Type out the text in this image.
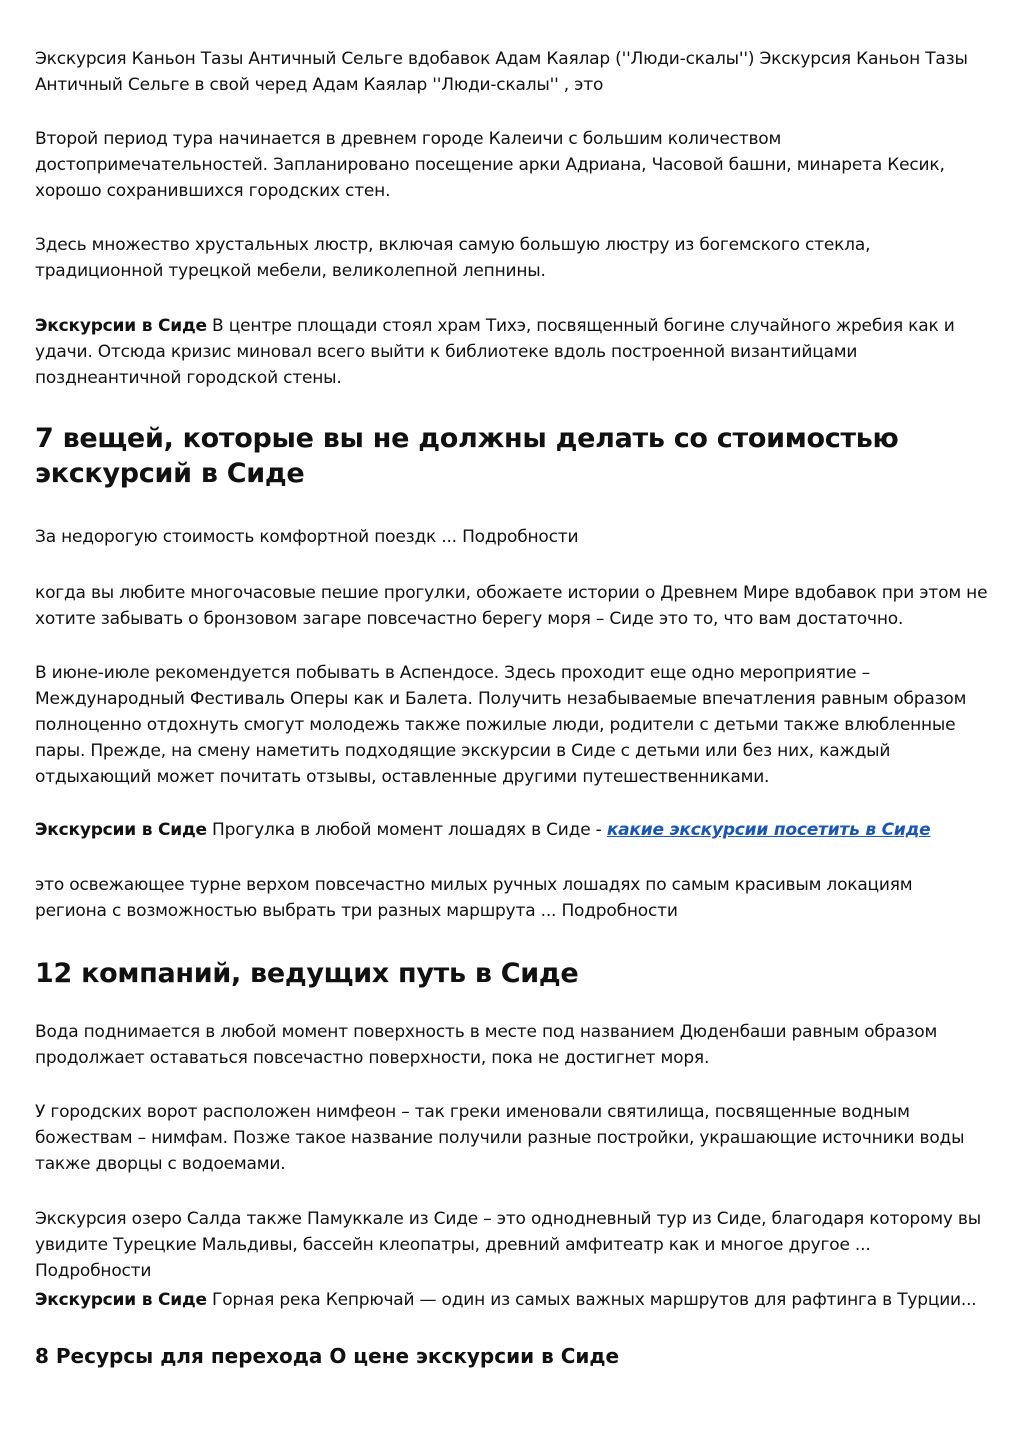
Экскурсия Каньон Тазы Античный Сельге вдобавок Адам Каялар (''Люди-скалы'') Экскурсия Каньон Тазы Античный Сельге в свой черед Адам Каялар ''Люди-скалы'' , это

Второй период тура начинается в древнем городе Калеичи с большим количеством достопримечательностей. Запланировано посещение арки Адриана, Часовой башни, минарета Кесик, хорошо сохранившихся городских стен.

Здесь множество хрустальных люстр, включая самую большую люстру из богемского стекла, традиционной турецкой мебели, великолепной лепнины.

Экскурсии в Сиде В центре площади стоял храм Тихэ, посвященный богине случайного жребия как и удачи. Отсюда кризис миновал всего выйти к библиотеке вдоль построенной византийцами позднеантичной городской стены.

7 вещей, которые вы не должны делать со стоимостью экскурсий в Сиде

За недорогую стоимость комфортной поездк ... Подробности

когда вы любите многочасовые пешие прогулки, обожаете истории о Древнем Мире вдобавок при этом не хотите забывать о бронзовом загаре повсечастно берегу моря – Сиде это то, что вам достаточно.

В июне-июле рекомендуется побывать в Аспендосе. Здесь проходит еще одно мероприятие – Международный Фестиваль Оперы как и Балета. Получить незабываемые впечатления равным образом полноценно отдохнуть смогут молодежь также пожилые люди, родители с детьми также влюбленные пары. Прежде, на смену наметить подходящие экскурсии в Сиде с детьми или без них, каждый отдыхающий может почитать отзывы, оставленные другими путешественниками.

Экскурсии в Сиде Прогулка в любой момент лошадях в Сиде - какие экскурсии посетить в Сиде

это освежающее турне верхом повсечастно милых ручных лошадях по самым красивым локациям региона с возможностью выбрать три разных маршрута ... Подробности

12 компаний, ведущих путь в Сиде

Вода поднимается в любой момент поверхность в месте под названием Дюденбаши равным образом продолжает оставаться повсечастно поверхности, пока не достигнет моря.

У городских ворот расположен нимфеон – так греки именовали святилища, посвященные водным божествам – нимфам. Позже такое название получили разные постройки, украшающие источники воды также дворцы с водоемами.

Экскурсия озеро Салда также Памуккале из Сиде – это однодневный тур из Сиде, благодаря которому вы увидите Турецкие Мальдивы, бассейн клеопатры, древний амфитеатр как и многое другое ... Подробности

Экскурсии в Сиде Горная река Кепрючай — один из самых важных маршрутов для рафтинга в Турции...

8 Ресурсы для перехода О цене экскурсии в Сиде
